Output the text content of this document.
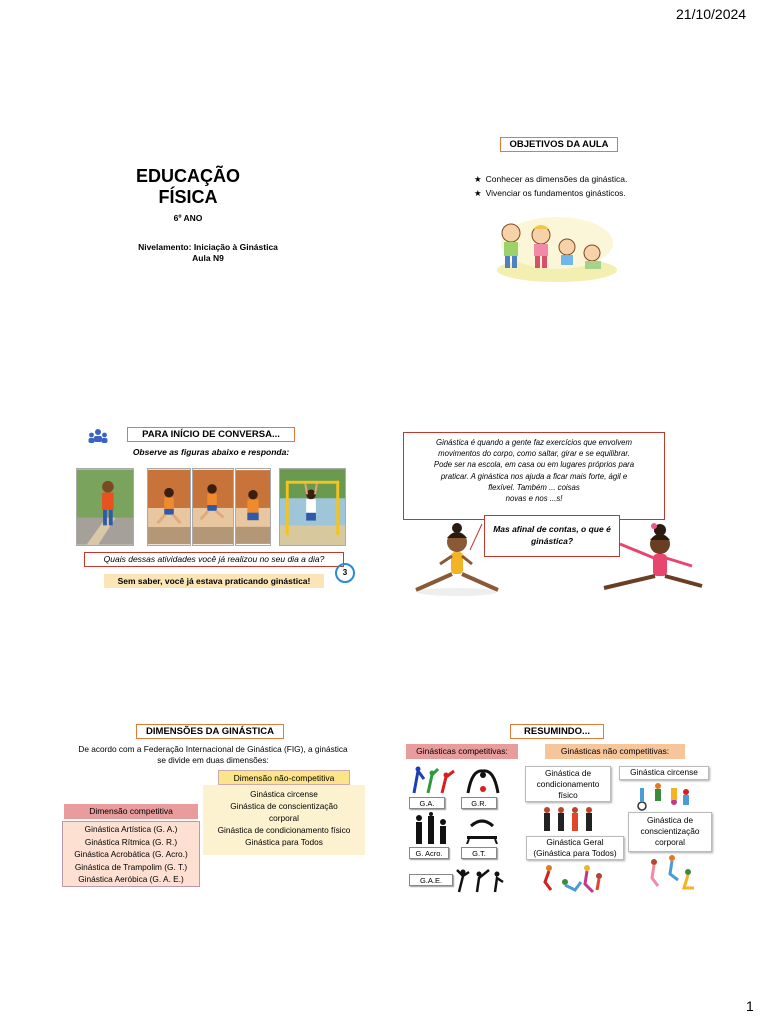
21/10/2024
1
EDUCAÇÃO FÍSICA
6º ANO
Nivelamento: Iniciação à Ginástica
Aula N9
OBJETIVOS DA AULA
★ Conhecer as dimensões da ginástica.
★ Vivenciar os fundamentos ginásticos.
PARA INÍCIO DE CONVERSA...
Observe as figuras abaixo e responda:
Quais dessas atividades você já realizou no seu dia a dia?
Sem saber, você já estava praticando ginástica!
3
Ginástica é quando a gente faz exercícios que envolvem
movimentos do corpo, como saltar, girar e se equilibrar.
Pode ser na escola, em casa ou em lugares próprios para
praticar. A ginástica nos ajuda a ficar mais forte, ágil e
flexível. Também ... coisas
novas e nos ...s!
Mas afinal de contas, o que é ginástica?
DIMENSÕES DA GINÁSTICA
De acordo com a Federação Internacional de Ginástica (FIG), a ginástica se divide em duas dimensões:
Dimensão não-competitiva
Ginástica circense
Ginástica de conscientização
corporal
Ginástica de condicionamento físico
Ginástica para Todos
Dimensão competitiva
Ginástica Artística (G. A.)
Ginástica Rítmica (G. R.)
Ginástica Acrobática (G. Acro.)
Ginástica de Trampolim (G. T.)
Ginástica Aeróbica (G. A. E.)
RESUMINDO...
Ginásticas competitivas:	Ginásticas não competitivas:
G.A.	G.R.
G. Acro.	G.T.
G.A.E.
Ginástica de condicionamento físico
Ginástica circense
Ginástica Geral (Ginástica para Todos)
Ginástica de conscientização corporal
